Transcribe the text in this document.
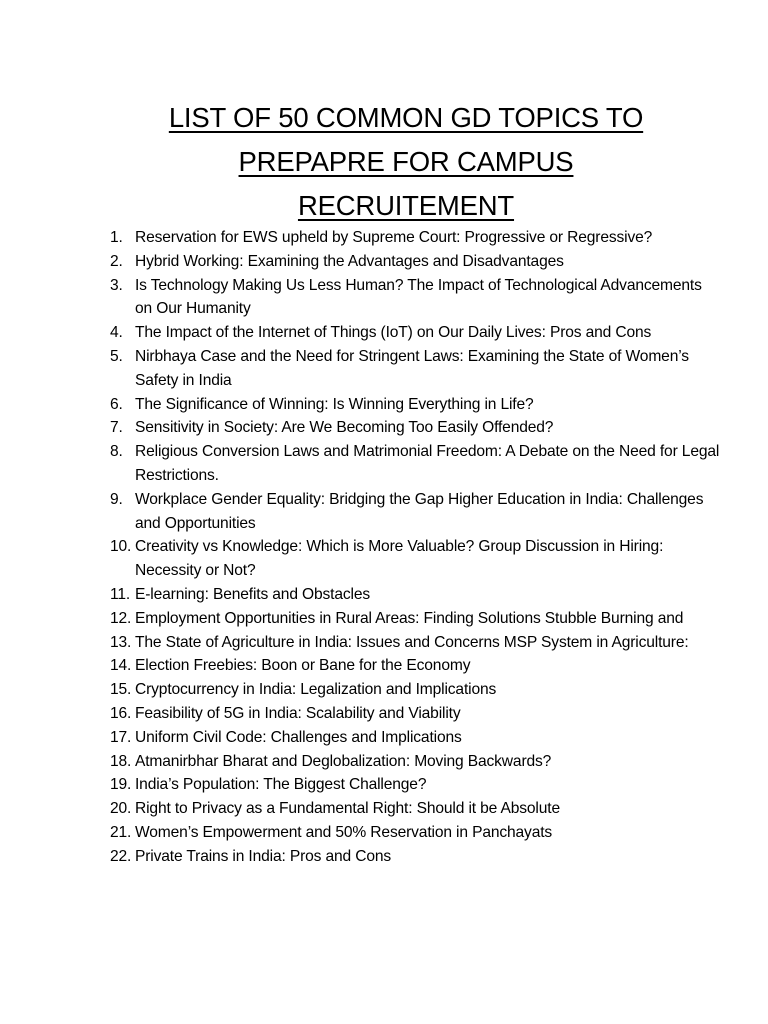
LIST OF 50 COMMON GD TOPICS TO
PREPAPRE FOR CAMPUS
RECRUITEMENT
1. Reservation for EWS upheld by Supreme Court: Progressive or Regressive?
2. Hybrid Working: Examining the Advantages and Disadvantages
3. Is Technology Making Us Less Human? The Impact of Technological Advancements on Our Humanity
4. The Impact of the Internet of Things (IoT) on Our Daily Lives: Pros and Cons
5. Nirbhaya Case and the Need for Stringent Laws: Examining the State of Women’s Safety in India
6. The Significance of Winning: Is Winning Everything in Life?
7. Sensitivity in Society: Are We Becoming Too Easily Offended?
8. Religious Conversion Laws and Matrimonial Freedom: A Debate on the Need for Legal Restrictions.
9. Workplace Gender Equality: Bridging the Gap Higher Education in India: Challenges and Opportunities
10. Creativity vs Knowledge: Which is More Valuable? Group Discussion in Hiring: Necessity or Not?
11. E-learning: Benefits and Obstacles
12. Employment Opportunities in Rural Areas: Finding Solutions Stubble Burning and
13. The State of Agriculture in India: Issues and Concerns MSP System in Agriculture:
14. Election Freebies: Boon or Bane for the Economy
15. Cryptocurrency in India: Legalization and Implications
16. Feasibility of 5G in India: Scalability and Viability
17. Uniform Civil Code: Challenges and Implications
18. Atmanirbhar Bharat and Deglobalization: Moving Backwards?
19. India’s Population: The Biggest Challenge?
20. Right to Privacy as a Fundamental Right: Should it be Absolute
21. Women’s Empowerment and 50% Reservation in Panchayats
22. Private Trains in India: Pros and Cons
